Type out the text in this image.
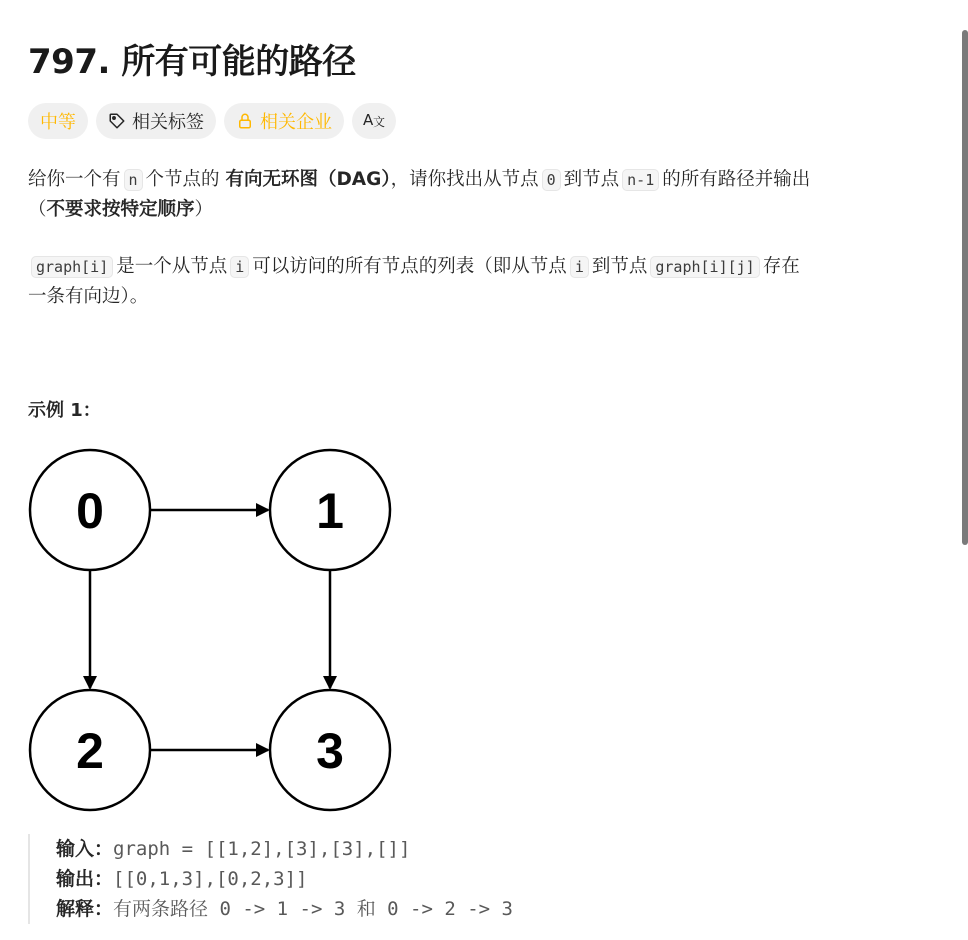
797. 所有可能的路径
中等	相关标签	相关企业 A 文
给你一个有 n 个节点的 有向无环图（DAG），请你找出从节点 0 到节点 n-1 的所有路径并输出
（不要求按特定顺序）
graph[i] 是一个从节点 i 可以访问的所有节点的列表（即从节点 i 到节点 graph[i][j] 存在
一条有向边）。
示例 1：
0	1
2	3
输入：graph = [[1,2],[3],[3],[]]
输出：[[0,1,3],[0,2,3]]
解释：有两条路径 0 -> 1 -> 3 和 0 -> 2 -> 3
